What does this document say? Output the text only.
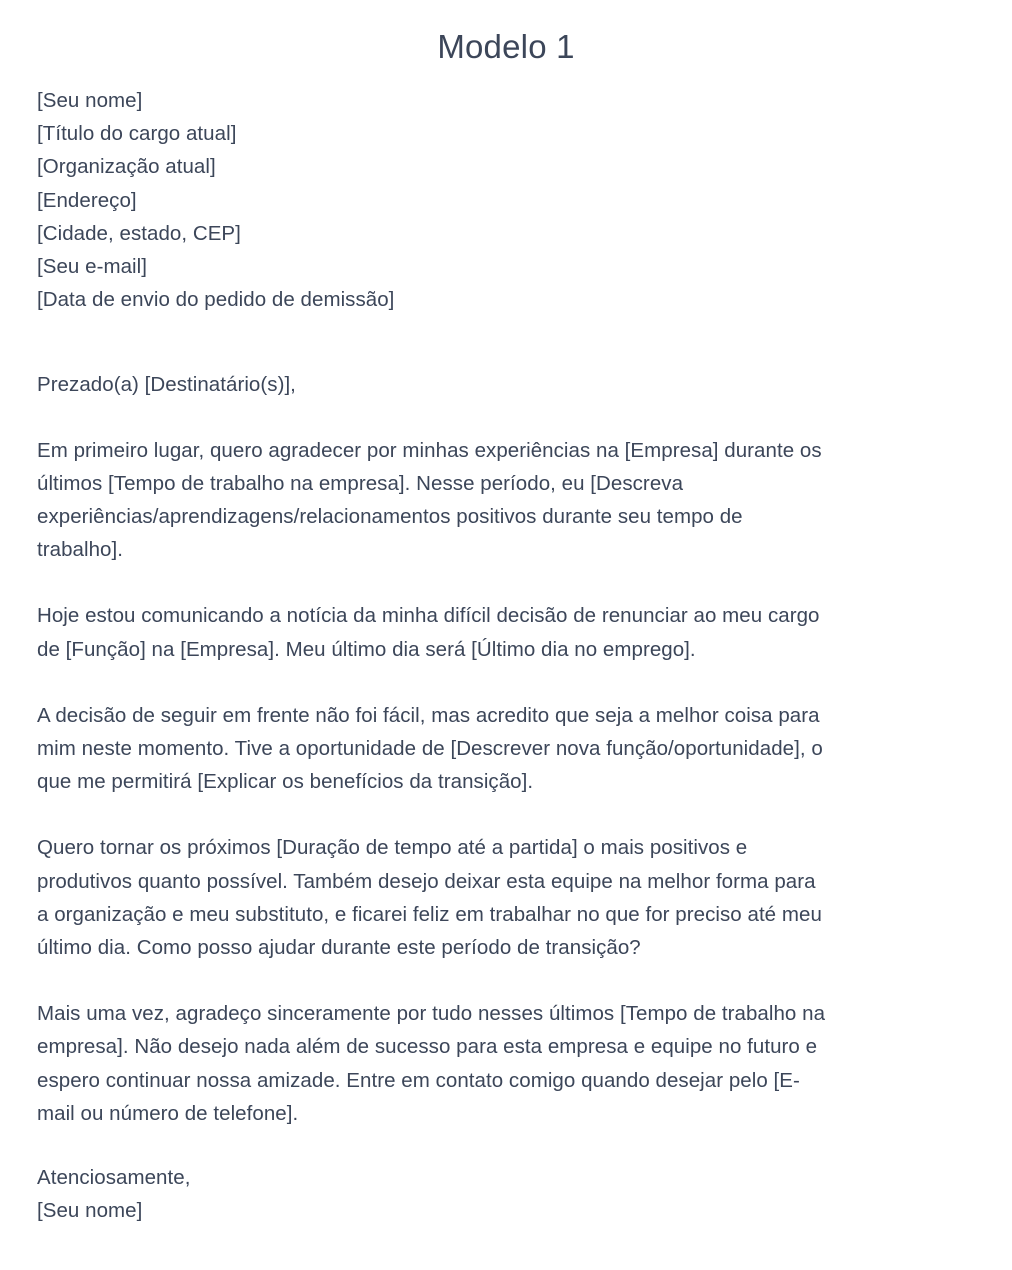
Modelo 1
[Seu nome]
[Título do cargo atual]
[Organização atual]
[Endereço]
[Cidade, estado, CEP]
[Seu e-mail]
[Data de envio do pedido de demissão]

Prezado(a) [Destinatário(s)],

Em primeiro lugar, quero agradecer por minhas experiências na [Empresa] durante os
últimos [Tempo de trabalho na empresa]. Nesse período, eu [Descreva
experiências/aprendizagens/relacionamentos positivos durante seu tempo de
trabalho].

Hoje estou comunicando a notícia da minha difícil decisão de renunciar ao meu cargo
de [Função] na [Empresa]. Meu último dia será [Último dia no emprego].

A decisão de seguir em frente não foi fácil, mas acredito que seja a melhor coisa para
mim neste momento. Tive a oportunidade de [Descrever nova função/oportunidade], o
que me permitirá [Explicar os benefícios da transição].

Quero tornar os próximos [Duração de tempo até a partida] o mais positivos e
produtivos quanto possível. Também desejo deixar esta equipe na melhor forma para
a organização e meu substituto, e ficarei feliz em trabalhar no que for preciso até meu
último dia. Como posso ajudar durante este período de transição?

Mais uma vez, agradeço sinceramente por tudo nesses últimos [Tempo de trabalho na
empresa]. Não desejo nada além de sucesso para esta empresa e equipe no futuro e
espero continuar nossa amizade. Entre em contato comigo quando desejar pelo [E-
mail ou número de telefone].

Atenciosamente,
[Seu nome]
